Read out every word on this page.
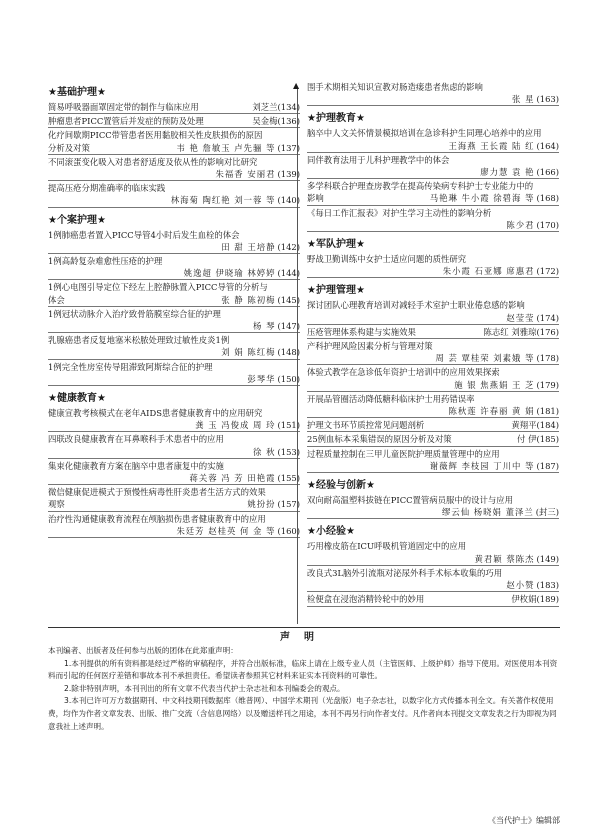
★基础护理★
简易呼吸器面罩固定带的制作与临床应用	刘芝兰(134)
肿瘤患者PICC置管后并发症的预防及处理	吴金梅(136)
化疗间歇期PICC带管患者医用黏胶相关性皮肤损伤的原因
分析及对策	韦 艳 詹敏玉 卢先骊 等 (137)
不同滚蛋变化吸入对患者舒适度及依从性的影响对比研究
朱福香 安丽君 (139)
提高压疮分期准确率的临床实践
林海菊 陶红艳 刘一蓉 等 (140)
★个案护理★
1例肺癌患者置入PICC导管4小时后发生血栓的体会
田 甜 王培静 (142)
1例高龄复杂难愈性压疮的护理
姚逸超 伊晓瑜 林婷婷 (144)
1例心电图引导定位下经左上腔静脉置入PICC导管的分析与
体会	张 静 陈初梅 (145)
1例冠状动脉介入治疗致骨筋膜室综合征的护理
杨 琴 (147)
乳腺癌患者反复地塞米松脓处理致过敏性皮炎1例
刘 娟 陈红梅 (148)
1例完全性房室传导阻滞致阿斯综合征的护理
彭琴华 (150)
★健康教育★
健康宣教考核模式在老年AIDS患者健康教育中的应用研究
龚 玉 冯俊成 周 玲 (151)
四联改良健康教育在耳鼻喉科手术患者中的应用
徐 秋 (153)
集束化健康教育方案在脑卒中患者康复中的实施
蒋关蓉 冯 芳 田艳霞 (155)
微信健康促进模式于预慢性病毒性肝炎患者生活方式的效果
观察	姚扮扮 (157)
治疗性沟通健康教育流程在颅脑损伤患者健康教育中的应用
朱廷芳 赵桂英 何 金 等 (160)
▲ 围手术期相关知识宣教对肠造瘘患者焦虑的影响
张 星 (163)
★护理教育★
脑卒中人文关怀情景模拟培训在急诊科护生同理心培养中的应用
王海燕 王长霞 陆 红 (164)
同伴教育法用于儿科护理教学中的体会
廖力慧 袁 艳 (166)
多学科联合护理查房教学在提高传染病专科护士专业能力中的
影响	马艳琳 牛小霞 徐碧海 等 (168)
《每日工作汇报表》对护生学习主动性的影响分析
陈少君 (170)
★军队护理★
野战卫勤训练中女护士适应问题的质性研究
朱小霞 石亚娜 席惠君 (172)
★护理管理★
探讨团队心理教育培训对减轻手术室护士职业倦怠感的影响
赵莹莹 (174)
压疮管理体系构建与实施效果	陈志红 刘雅琼(176)
产科护理风险因素分析与管理对策
周 芸 覃桂荣 刘素娥 等 (178)
体验式教学在急诊低年资护士培训中的应用效果探索
施 银 焦燕娟 王 芝 (179)
开展品管圈活动降低糖科临床护士用药错误率
陈秋莲 许春丽 黄 娟 (181)
护理文书环节质控常见问题剖析	黄翔平(184)
25例血标本采集错误的原因分析及对策	付 伊(185)
过程质量控制在三甲儿童医院护理质量管理中的应用
谢薇辉 李枝园 丁川中 等 (187)
★经验与创新★
双向耐高温塑料拔链在PICC置管病员服中的设计与应用
缪云仙 杨晓娟 董泽兰 (封三)
★小经验★
巧用橡皮筋在ICU呼吸机管道固定中的应用
黄君颖 蔡陈杰 (149)
改良式3L脑外引流瓶对泌尿外科手术标本收集的巧用
赵小赞 (183)
检便盒在浸泡消精铃轮中的妙用	伊枚娟(189)
声明

本刊编者、出版者及任何参与出版的团体在此郑重声明：

1.本刊提供的所有资料都是经过严格的审稿程序，并符合出版标准，临床上请在上级专业人员（主管医师、上级护师）指导下使用。对医使用本刊资料而引起的任何医疗差错和事故本刊不承担责任。希望读者参照其它材料来证实本刊资料的可靠性。

2.除非特别声明，本刊刊出的所有文章不代表当代护士杂志社和本刊编委会的观点。

3.本刊已许可万方数据期刊、中文科技期刊数据库（维普网）、中国学术期刊（光盘版）电子杂志社，以数字化方式传播本刊全文。有关著作权使用费，均作为作者文章发表、出版、推广交流（含信息网络）以及赠送样刊之用途，本刊不再另行向作者支付。凡作者向本刊提交文章发表之行为即视为同意我社上述声明。

《当代护士》编辑部
